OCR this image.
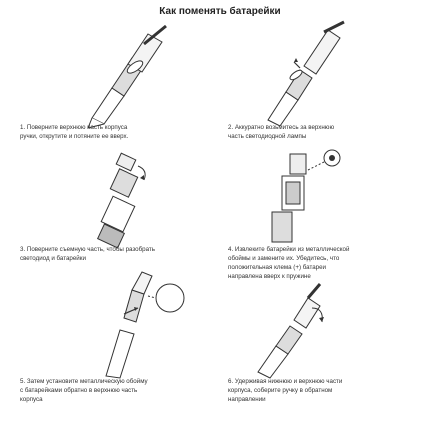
Как поменять батарейки
1. Поверните верхнюю часть корпуса
ручки, открутите и потяните ее вверх.
2. Аккуратно возьмитесь за верхнюю
часть светодиодной лампы
3. Поверните съемную часть, чтобы разобрать
светодиод и батарейки
4. Извлеките батарейки из металлической
обоймы и замените их. Убедитесь, что
положительная клема (+) батареи
направлена вверх к пружине
5. Затем установите металлическую обойму
с батарейками обратно в верхнюю часть
корпуса
6. Удерживая нижнюю и верхнюю части
корпуса, соберите ручку в обратном
направлении
